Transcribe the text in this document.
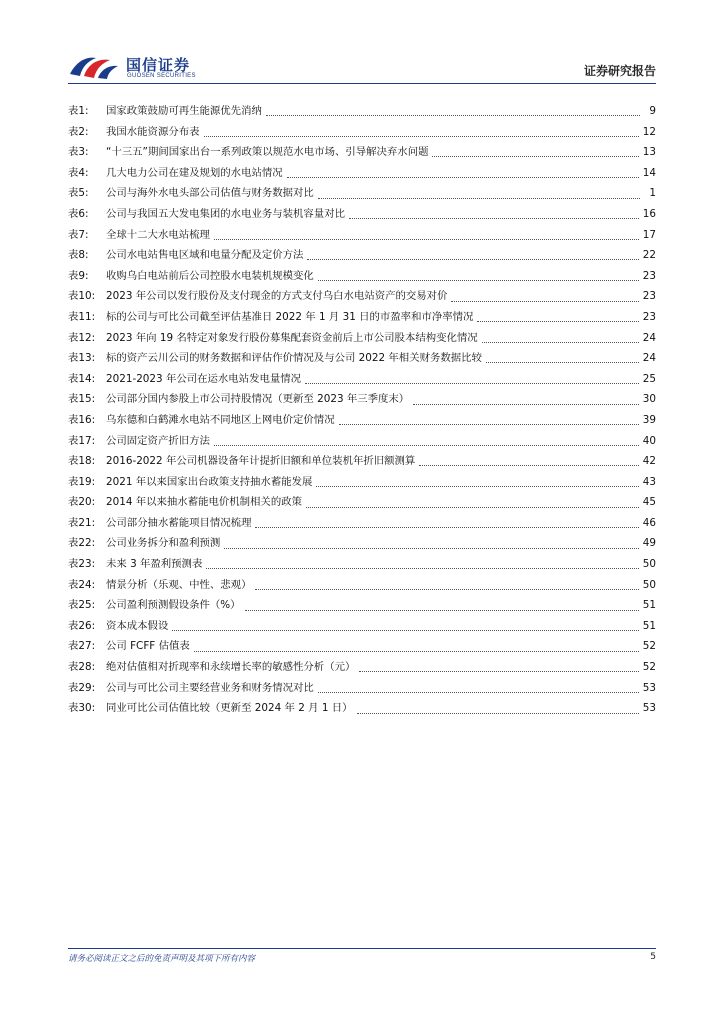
国信证券
GUOSEN SECURITIES	证券研究报告
表1:	国家政策鼓励可再生能源优先消纳	9
表2:	我国水能资源分布表	12
表3:	“十三五”期间国家出台一系列政策以规范水电市场、引导解决弃水问题	13
表4:	几大电力公司在建及规划的水电站情况	14
表5:	公司与海外水电头部公司估值与财务数据对比	1
表6:	公司与我国五大发电集团的水电业务与装机容量对比	16
表7:	全球十二大水电站梳理	17
表8:	公司水电站售电区域和电量分配及定价方法	22
表9:	收购乌白电站前后公司控股水电装机规模变化	23
表10:	2023 年公司以发行股份及支付现金的方式支付乌白水电站资产的交易对价	23
表11:	标的公司与可比公司截至评估基准日 2022 年 1 月 31 日的市盈率和市净率情况	23
表12:	2023 年向 19 名特定对象发行股份募集配套资金前后上市公司股本结构变化情况	24
表13:	标的资产云川公司的财务数据和评估作价情况及与公司 2022 年相关财务数据比较	24
表14:	2021-2023 年公司在运水电站发电量情况	25
表15:	公司部分国内参股上市公司持股情况（更新至 2023 年三季度末）	30
表16:	乌东德和白鹤滩水电站不同地区上网电价定价情况	39
表17:	公司固定资产折旧方法	40
表18:	2016-2022 年公司机器设备年计提折旧额和单位装机年折旧额测算	42
表19:	2021 年以来国家出台政策支持抽水蓄能发展	43
表20:	2014 年以来抽水蓄能电价机制相关的政策	45
表21:	公司部分抽水蓄能项目情况梳理	46
表22:	公司业务拆分和盈利预测	49
表23:	未来 3 年盈利预测表	50
表24:	情景分析（乐观、中性、悲观）	50
表25:	公司盈利预测假设条件（%）	51
表26:	资本成本假设	51
表27:	公司 FCFF 估值表	52
表28:	绝对估值相对折现率和永续增长率的敏感性分析（元）	52
表29:	公司与可比公司主要经营业务和财务情况对比	53
表30:	同业可比公司估值比较（更新至 2024 年 2 月 1 日）	53
请务必阅读正文之后的免责声明及其项下所有内容	5
